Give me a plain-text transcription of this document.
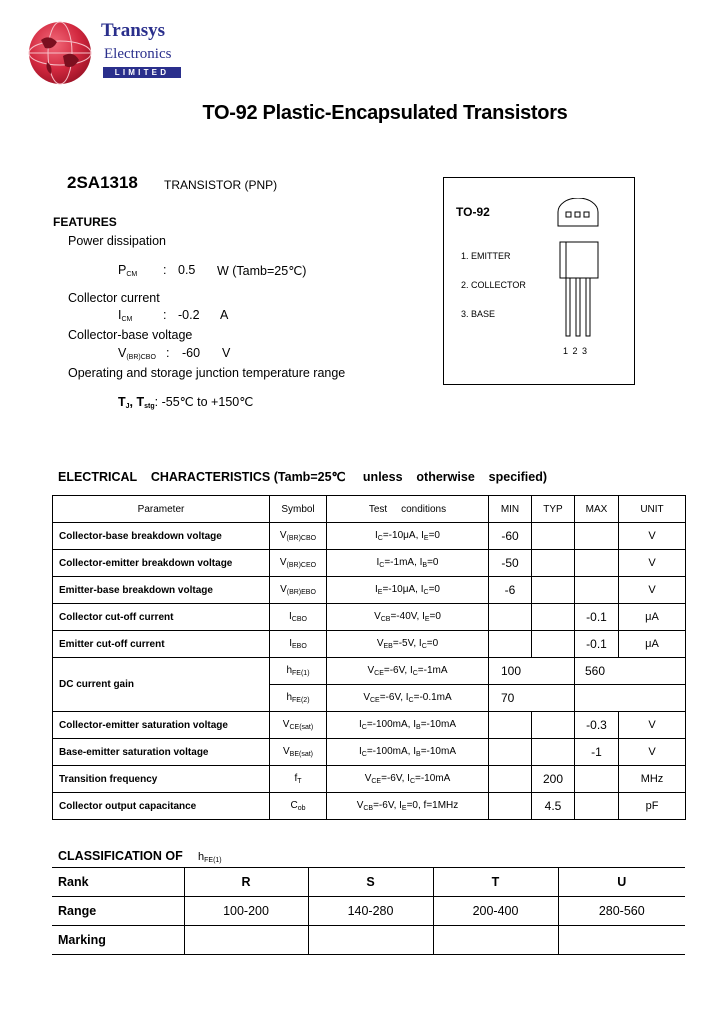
Transys
Electronics
LIMITED
TO-92 Plastic-Encapsulated Transistors
2SA1318 TRANSISTOR (PNP)
FEATURES
Power dissipation
$P_{CM}$ : 0.5 W (Tamb=25℃)
Collector current
$I_{CM}$ : -0.2 A
Collector-base voltage
$V_{(BR)CBO}$ : -60 V
Operating and storage junction temperature range
$T_J$, $T_{stg}$: -55℃ to +150℃
TO-92
1. EMITTER
2. COLLECTOR
3. BASE
1 2 3
ELECTRICAL    CHARACTERISTICS (Tamb=25℃     unless    otherwise    specified)
Parameter	Symbol	Test     conditions	MIN	TYP	MAX	UNIT
Collector-base breakdown voltage	$V_{(BR)CBO}$	$I_C=-10\mu A$, $I_E=0$	-60			V
Collector-emitter breakdown voltage	$V_{(BR)CEO}$	$I_C=-1mA$, $I_B=0$	-50			V
Emitter-base breakdown voltage	$V_{(BR)EBO}$	$I_E=-10\mu A$, $I_C=0$	-6			V
Collector cut-off current	$I_{CBO}$	$V_{CB}=-40V$, $I_E=0$			-0.1	μA
Emitter cut-off current	$I_{EBO}$	$V_{EB}=-5V$, $I_C=0$			-0.1	μA
DC current gain	$h_{FE(1)}$	$V_{CE}=-6V$, $I_C=-1mA$	100		560	
	$h_{FE(2)}$	$V_{CE}=-6V$, $I_C=-0.1mA$	70			
Collector-emitter saturation voltage	$V_{CE(sat)}$	$I_C=-100mA$, $I_B=-10mA$			-0.3	V
Base-emitter saturation voltage	$V_{BE(sat)}$	$I_C=-100mA$, $I_B=-10mA$			-1	V
Transition frequency	$f_T$	$V_{CE}=-6V$, $I_C=-10mA$		200		MHz
Collector output capacitance	$C_{ob}$	$V_{CB}=-6V$, $I_E=0$, f=1MHz		4.5		pF
CLASSIFICATION OF $h_{FE(1)}$
Rank	R	S	T	U
Range	100-200	140-280	200-400	280-560
Marking				
